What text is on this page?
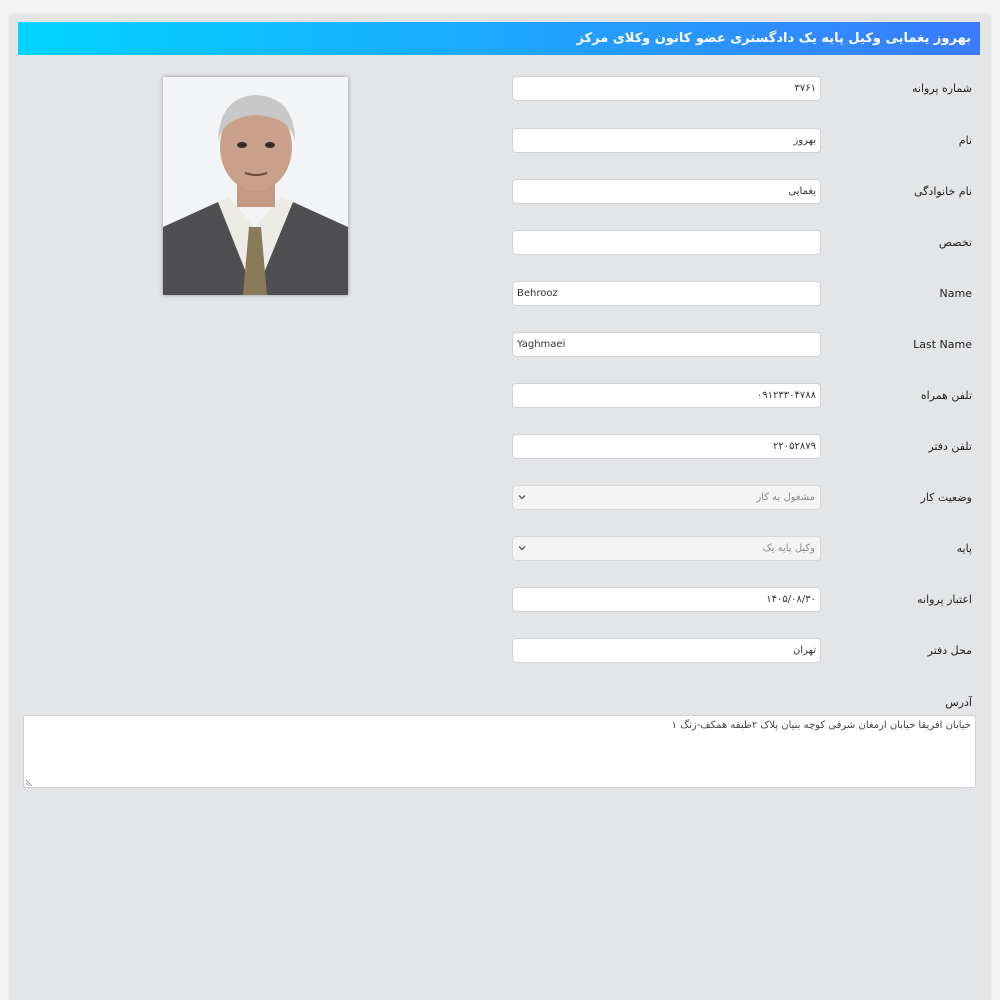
بهروز یغمایی وکیل پایه یک دادگستری عضو کانون وکلای مرکز
۳۷۶۱
شماره پروانه
بهروز
نام
یغمایی
نام خانوادگی
تخصص
Behrooz
Name
Yaghmaei
Last Name
۰۹۱۲۳۳۰۴۷۸۸
تلفن همراه
۲۲۰۵۲۸۷۹
تلفن دفتر
مشغول به کار	وضعیت کار
وکیل پایه یک	پایه
۱۴۰۵/۰۸/۳۰
اعتبار پروانه
تهران
محل دفتر
آدرس
خیابان افریقا خیابان ارمغان شرقی کوچه بنیان پلاک ۲طبقه همکف-زنگ ۱
